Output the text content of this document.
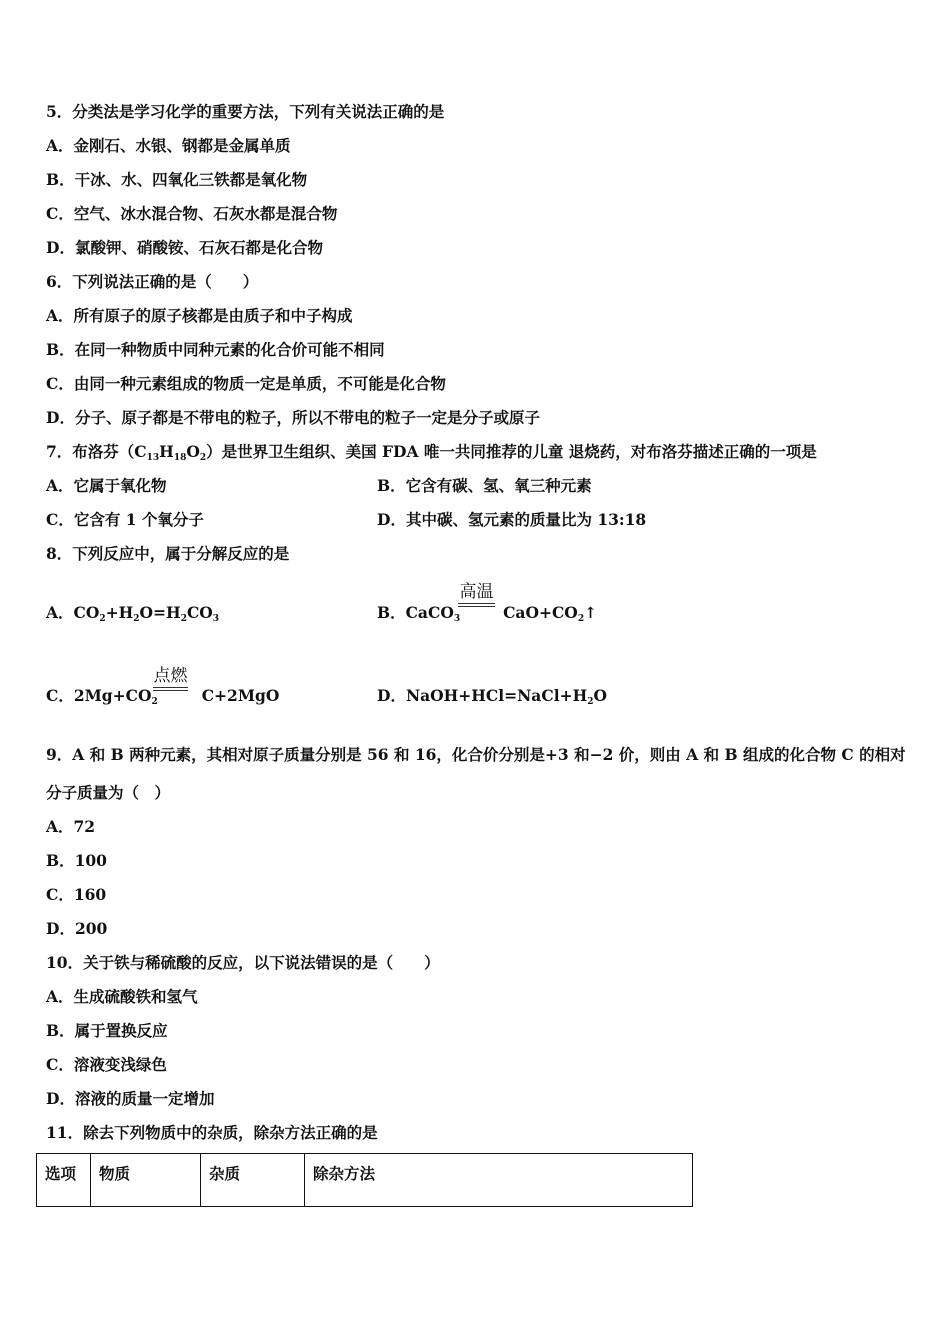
5．分类法是学习化学的重要方法，下列有关说法正确的是
A．金刚石、水银、钢都是金属单质
B．干冰、水、四氧化三铁都是氧化物
C．空气、冰水混合物、石灰水都是混合物
D．氯酸钾、硝酸铵、石灰石都是化合物
6．下列说法正确的是（　　）
A．所有原子的原子核都是由质子和中子构成
B．在同一种物质中同种元素的化合价可能不相同
C．由同一种元素组成的物质一定是单质，不可能是化合物
D．分子、原子都是不带电的粒子，所以不带电的粒子一定是分子或原子
7．布洛芬$(C_{13}H_{18}O_2)$是世界卫生组织、美国 FDA 唯一共同推荐的儿童 退烧药，对布洛芬描述正确的一项是
A．它属于氧化物	B．它含有碳、氢、氧三种元素
C．它含有 1 个氧分子	D．其中碳、氢元素的质量比为 13:18
8．下列反应中，属于分解反应的是
A．$CO_2+H_2O=H_2CO_3$	B．CaCO$_3$	$CaO+CO_2↑$
高温
C．$2Mg+CO_2$	C+2MgO
点燃
D．$NaOH+HCl=NaCl+H_2O$
9．A 和 B 两种元素，其相对原子质量分别是 56 和 16，化合价分别是+3 和−2 价，则由 A 和 B 组成的化合物 C 的相对
分子质量为（　）
A．72
B．100
C．160
D．200
10．关于铁与稀硫酸的反应，以下说法错误的是（　　）
A．生成硫酸铁和氢气
B．属于置换反应
C．溶液变浅绿色
D．溶液的质量一定增加
11．除去下列物质中的杂质，除杂方法正确的是
选项	物质	杂质	除杂方法
